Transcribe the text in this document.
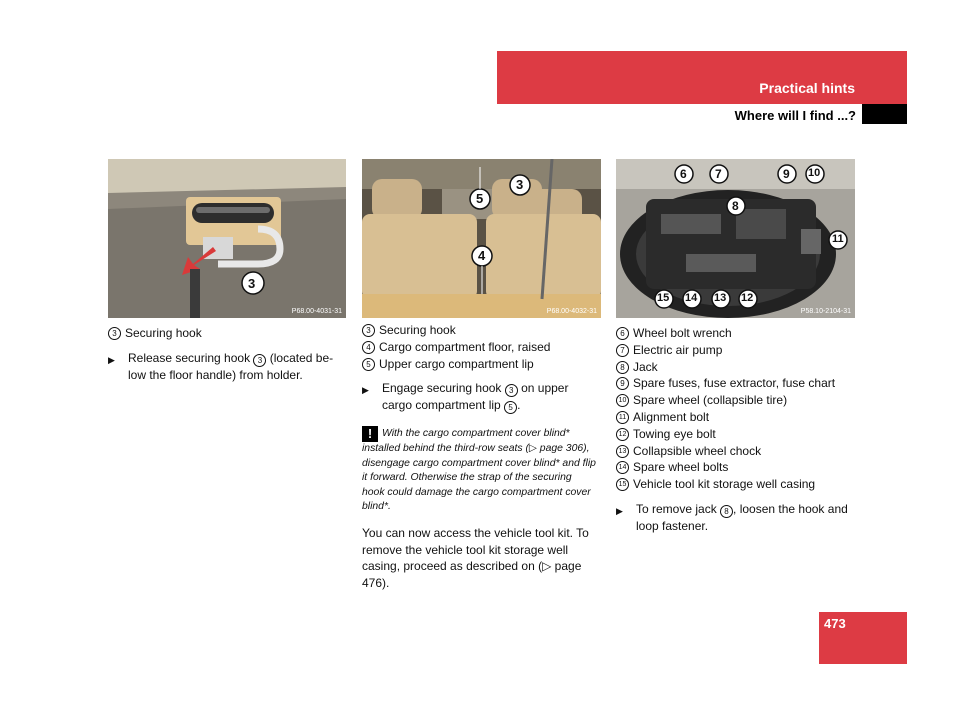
Practical hints
Where will I find ...?
3
P68.00-4031-31
5
3
4
P68.00-4032-31
6 7	9 10
8
11
15 14 13 12
P58.10-2104-31
3 Securing hook
▶	Release securing hook 3 (located be-low the floor handle) from holder.
3 Securing hook
4 Cargo compartment floor, raised
5 Upper cargo compartment lip
▶	Engage securing hook 3 on upper cargo compartment lip 5 .
! With the cargo compartment cover blind* installed behind the third-row seats (▷ page 306), disengage cargo compartment cover blind* and flip it forward. Otherwise the strap of the securing hook could damage the cargo compartment cover blind*.
You can now access the vehicle tool kit. To remove the vehicle tool kit storage well casing, proceed as described on (▷ page 476).
6 Wheel bolt wrench
7 Electric air pump
8 Jack
9 Spare fuses, fuse extractor, fuse chart
10 Spare wheel (collapsible tire)
11 Alignment bolt
12 Towing eye bolt
13 Collapsible wheel chock
14 Spare wheel bolts
15 Vehicle tool kit storage well casing
▶	To remove jack 8 , loosen the hook and loop fastener.
473
